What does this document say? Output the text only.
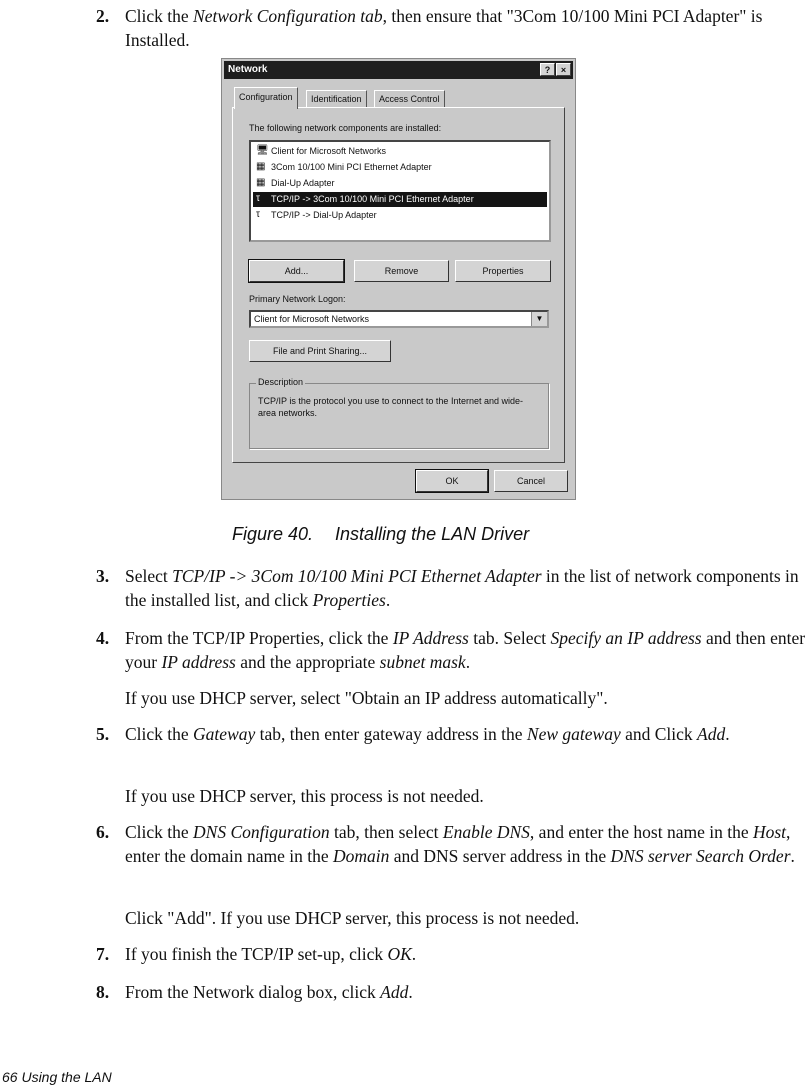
2. Click the Network Configuration tab, then ensure that "3Com 10/100 Mini PCI Adapter" is Installed.
Network	?	×
Configuration	Identification	Access Control
The following network components are installed:
🖥 Client for Microsoft Networks
▦ 3Com 10/100 Mini PCI Ethernet Adapter
▦ Dial-Up Adapter
τ	TCP/IP -> 3Com 10/100 Mini PCI Ethernet Adapter
τ	TCP/IP -> Dial-Up Adapter
Add...	Remove	Properties
Primary Network Logon:
Client for Microsoft Networks	▼
File and Print Sharing...
Description
TCP/IP is the protocol you use to connect to the Internet and wide-area networks.
OK	Cancel
Figure 40. Installing the LAN Driver
3. Select TCP/IP -> 3Com 10/100 Mini PCI Ethernet Adapter in the list of network components in the installed list, and click Properties.
4. From the TCP/IP Properties, click the IP Address tab. Select Specify an IP address and then enter your IP address and the appropriate subnet mask.
If you use DHCP server, select "Obtain an IP address automatically".
5. Click the Gateway tab, then enter gateway address in the New gateway and Click Add.
If you use DHCP server, this process is not needed.
6. Click the DNS Configuration tab, then select Enable DNS, and enter the host name in the Host, enter the domain name in the Domain and DNS server address in the DNS server Search Order.
Click "Add". If you use DHCP server, this process is not needed.
7. If you finish the TCP/IP set-up, click OK.
8. From the Network dialog box, click Add.
66 Using the LAN
